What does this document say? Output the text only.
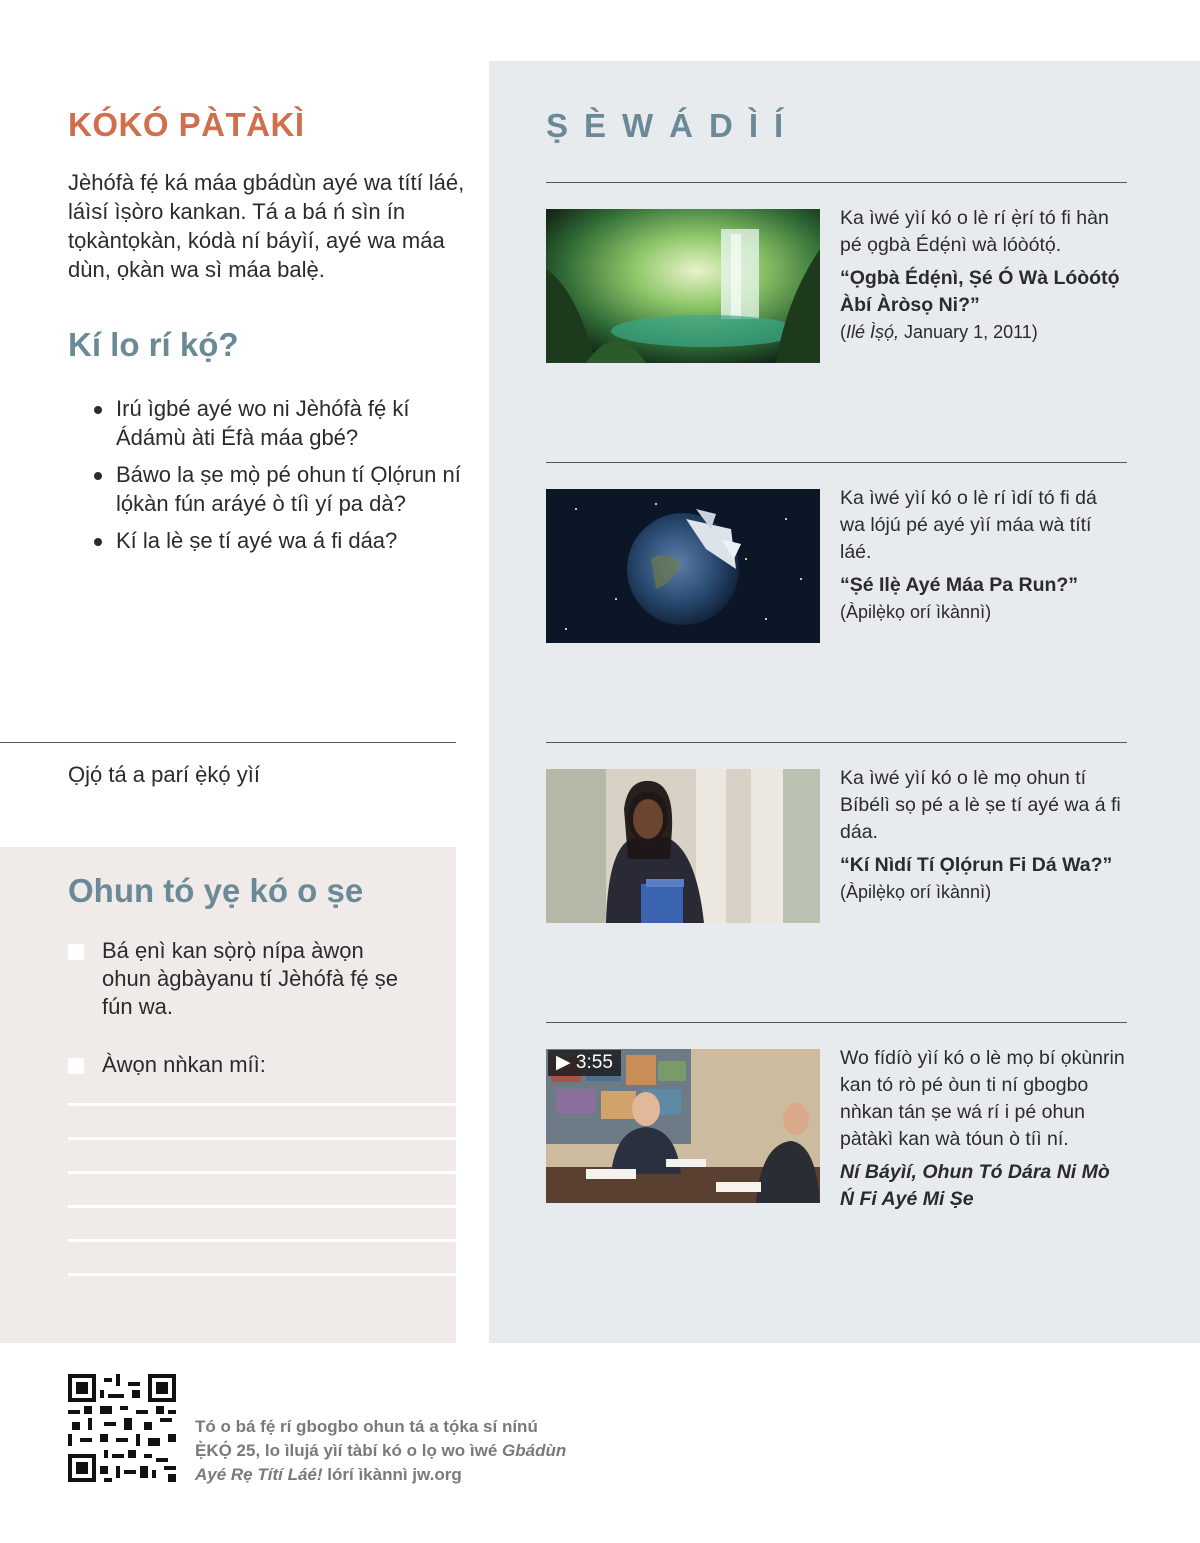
KÓKÓ PÀTÀKÌ

Jèhófà fẹ́ ká máa gbádùn ayé wa títí láé, láìsí ìṣòro kankan. Tá a bá ń sìn ín tọkàntọkàn, kódà ní báyìí, ayé wa máa dùn, ọkàn wa sì máa balẹ̀.

Kí lo rí kọ́?
Irú ìgbé ayé wo ni Jèhófà fẹ́ kí Ádámù àti Éfà máa gbé?
Báwo la ṣe mọ̀ pé ohun tí Ọlọ́run ní lọ́kàn fún aráyé ò tíì yí pa dà?
Kí la lè ṣe tí ayé wa á fi dáa?
Ọjọ́ tá a parí ẹ̀kọ́ yìí
Ohun tó yẹ kó o ṣe
Bá ẹnì kan sọ̀rọ̀ nípa àwọn ohun àgbàyanu tí Jèhófà fẹ́ ṣe fún wa.
Àwọn nǹkan míì:
ṢÈWÁDÌÍ
Ka ìwé yìí kó o lè rí ẹ̀rí tó fi hàn pé ọgbà Édẹ́nì wà lóòótọ́.
“Ọgbà Édẹ́nì, Ṣé Ó Wà Lóòótọ́ Àbí Àròsọ Ni?”
(Ilé Ìṣọ́, January 1, 2011)
Ka ìwé yìí kó o lè rí ìdí tó fi dá wa lójú pé ayé yìí máa wà títí láé.
“Ṣé Ilẹ̀ Ayé Máa Pa Run?”
(Àpilẹ̀kọ orí ìkànnì)
Ka ìwé yìí kó o lè mọ ohun tí Bíbélì sọ pé a lè ṣe tí ayé wa á fi dáa.
“Kí Nìdí Tí Ọlọ́run Fi Dá Wa?”
(Àpilẹ̀kọ orí ìkànnì)
▶ 3:55	Wo fídíò yìí kó o lè mọ bí ọkùnrin kan tó rò pé òun ti ní gbogbo nǹkan tán ṣe wá rí i pé ohun pàtàkì kan wà tóun ò tíì ní.
Ní Báyìí, Ohun Tó Dára Ni Mò Ń Fi Ayé Mi Ṣe
Tó o bá fẹ́ rí gbogbo ohun tá a tọ́ka sí nínú Ẹ̀KỌ́ 25, lo ìlujá yìí tàbí kó o lọ wo ìwé Gbádùn Ayé Rẹ Títí Láé! lórí ìkànnì jw.org
